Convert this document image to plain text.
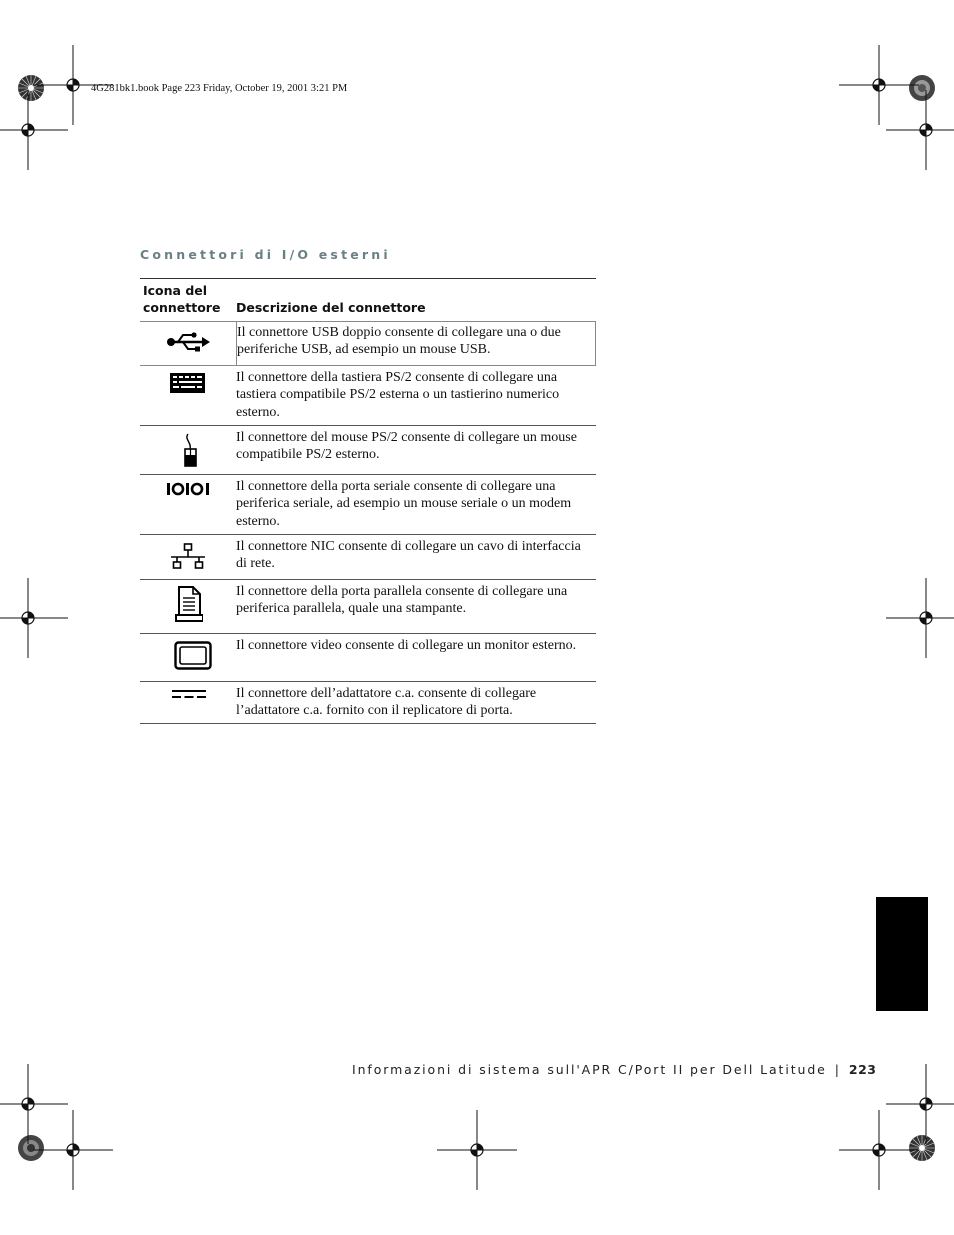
4G281bk1.book Page 223 Friday, October 19, 2001 3:21 PM
Connettori di I/O esterni
Icona del
connettore	Descrizione del connettore
Il connettore USB doppio consente di collegare una o due periferiche USB, ad esempio un mouse USB.
Il connettore della tastiera PS/2 consente di collegare una tastiera compatibile PS/2 esterna o un tastierino numerico esterno.
Il connettore del mouse PS/2 consente di collegare un mouse compatibile PS/2 esterno.
Il connettore della porta seriale consente di collegare una periferica seriale, ad esempio un mouse seriale o un modem esterno.
Il connettore NIC consente di collegare un cavo di interfaccia di rete.
Il connettore della porta parallela consente di collegare una periferica parallela, quale una stampante.
Il connettore video consente di collegare un monitor esterno.
Il connettore dell’adattatore c.a. consente di collegare l’adattatore c.a. fornito con il replicatore di porta.
Informazioni di sistema sull'APR C/Port II per Dell Latitude | 223
